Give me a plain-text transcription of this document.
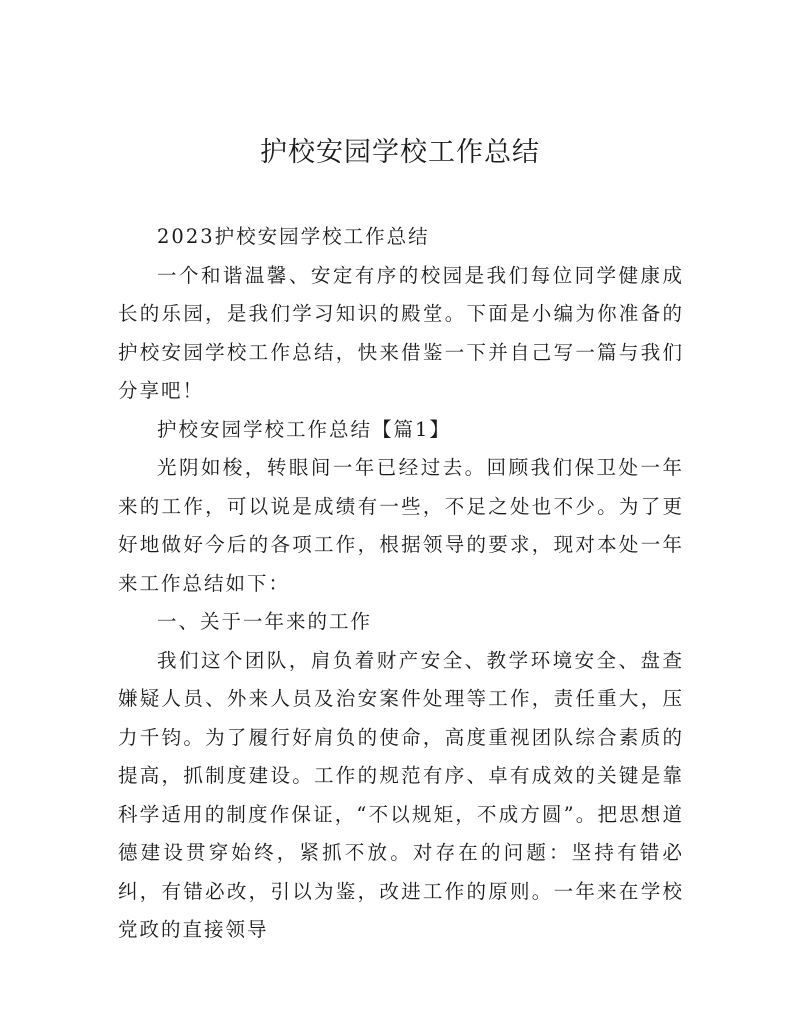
护校安园学校工作总结

2023护校安园学校工作总结

一个和谐温馨、安定有序的校园是我们每位同学健康成长的乐园，是我们学习知识的殿堂。下面是小编为你准备的护校安园学校工作总结，快来借鉴一下并自己写一篇与我们分享吧！

护校安园学校工作总结【篇1】

光阴如梭，转眼间一年已经过去。回顾我们保卫处一年来的工作，可以说是成绩有一些，不足之处也不少。为了更好地做好今后的各项工作，根据领导的要求，现对本处一年来工作总结如下：

一、关于一年来的工作

我们这个团队，肩负着财产安全、教学环境安全、盘查嫌疑人员、外来人员及治安案件处理等工作，责任重大，压力千钧。为了履行好肩负的使命，高度重视团队综合素质的提高，抓制度建设。工作的规范有序、卓有成效的关键是靠科学适用的制度作保证，“不以规矩，不成方圆”。把思想道德建设贯穿始终，紧抓不放。对存在的问题：坚持有错必纠，有错必改，引以为鉴，改进工作的原则。一年来在学校党政的直接领导
